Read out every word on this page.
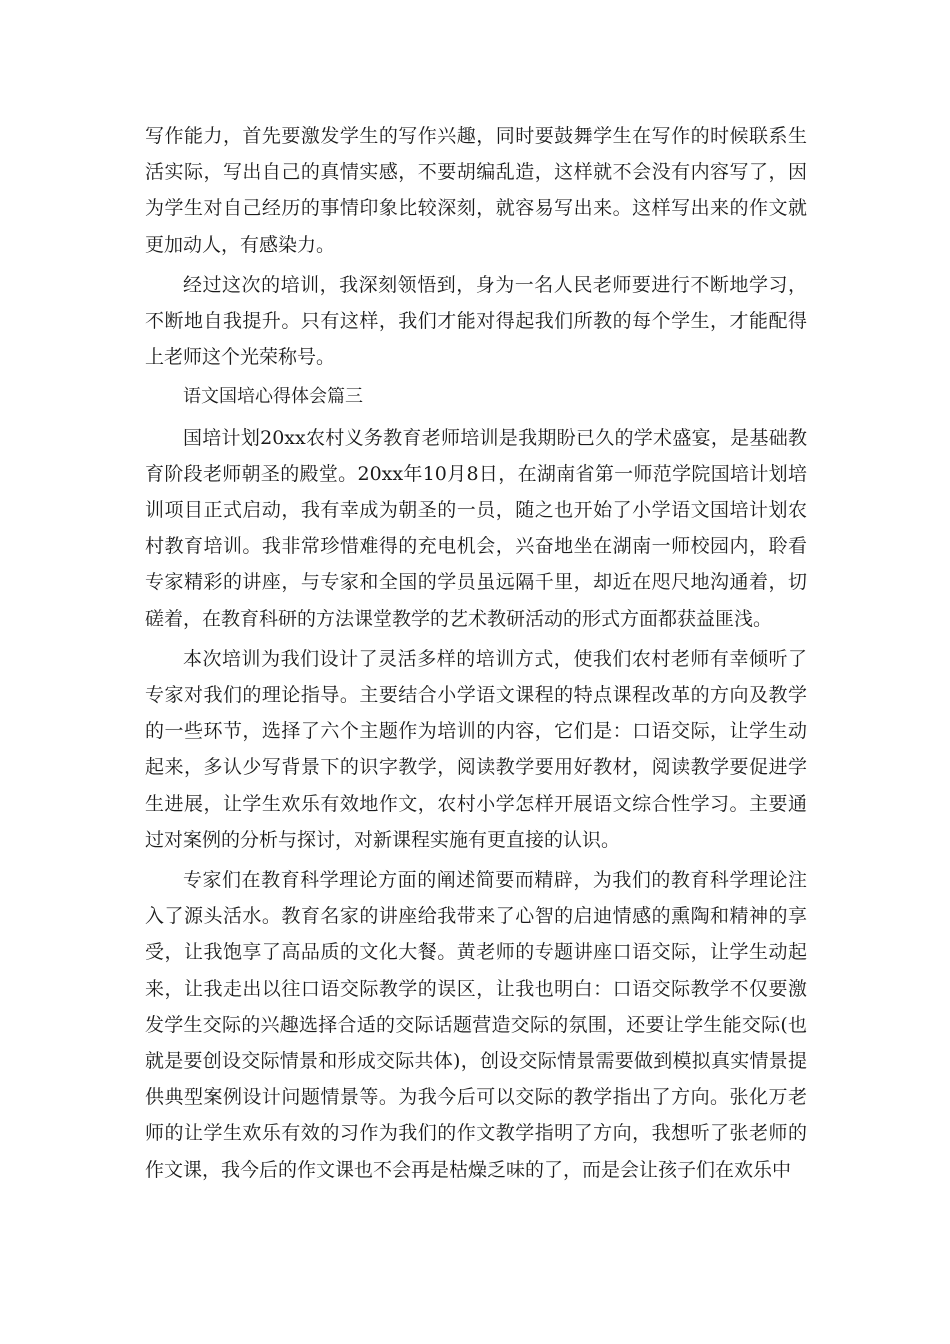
写作能力，首先要激发学生的写作兴趣，同时要鼓舞学生在写作的时候联系生活实际，写出自己的真情实感，不要胡编乱造，这样就不会没有内容写了，因为学生对自己经历的事情印象比较深刻，就容易写出来。这样写出来的作文就更加动人，有感染力。

经过这次的培训，我深刻领悟到，身为一名人民老师要进行不断地学习，不断地自我提升。只有这样，我们才能对得起我们所教的每个学生，才能配得上老师这个光荣称号。

语文国培心得体会篇三

国培计划20xx农村义务教育老师培训是我期盼已久的学术盛宴，是基础教育阶段老师朝圣的殿堂。20xx年10月8日，在湖南省第一师范学院国培计划培训项目正式启动，我有幸成为朝圣的一员，随之也开始了小学语文国培计划农村教育培训。我非常珍惜难得的充电机会，兴奋地坐在湖南一师校园内，聆看专家精彩的讲座，与专家和全国的学员虽远隔千里，却近在咫尺地沟通着，切磋着，在教育科研的方法课堂教学的艺术教研活动的形式方面都获益匪浅。

本次培训为我们设计了灵活多样的培训方式，使我们农村老师有幸倾听了专家对我们的理论指导。主要结合小学语文课程的特点课程改革的方向及教学的一些环节，选择了六个主题作为培训的内容，它们是：口语交际，让学生动起来，多认少写背景下的识字教学，阅读教学要用好教材，阅读教学要促进学生进展，让学生欢乐有效地作文，农村小学怎样开展语文综合性学习。主要通过对案例的分析与探讨，对新课程实施有更直接的认识。

专家们在教育科学理论方面的阐述简要而精辟，为我们的教育科学理论注入了源头活水。教育名家的讲座给我带来了心智的启迪情感的熏陶和精神的享受，让我饱享了高品质的文化大餐。黄老师的专题讲座口语交际，让学生动起来，让我走出以往口语交际教学的误区，让我也明白：口语交际教学不仅要激发学生交际的兴趣选择合适的交际话题营造交际的氛围，还要让学生能交际(也就是要创设交际情景和形成交际共体)，创设交际情景需要做到模拟真实情景提供典型案例设计问题情景等。为我今后可以交际的教学指出了方向。张化万老师的让学生欢乐有效的习作为我们的作文教学指明了方向，我想听了张老师的作文课，我今后的作文课也不会再是枯燥乏味的了，而是会让孩子们在欢乐中
